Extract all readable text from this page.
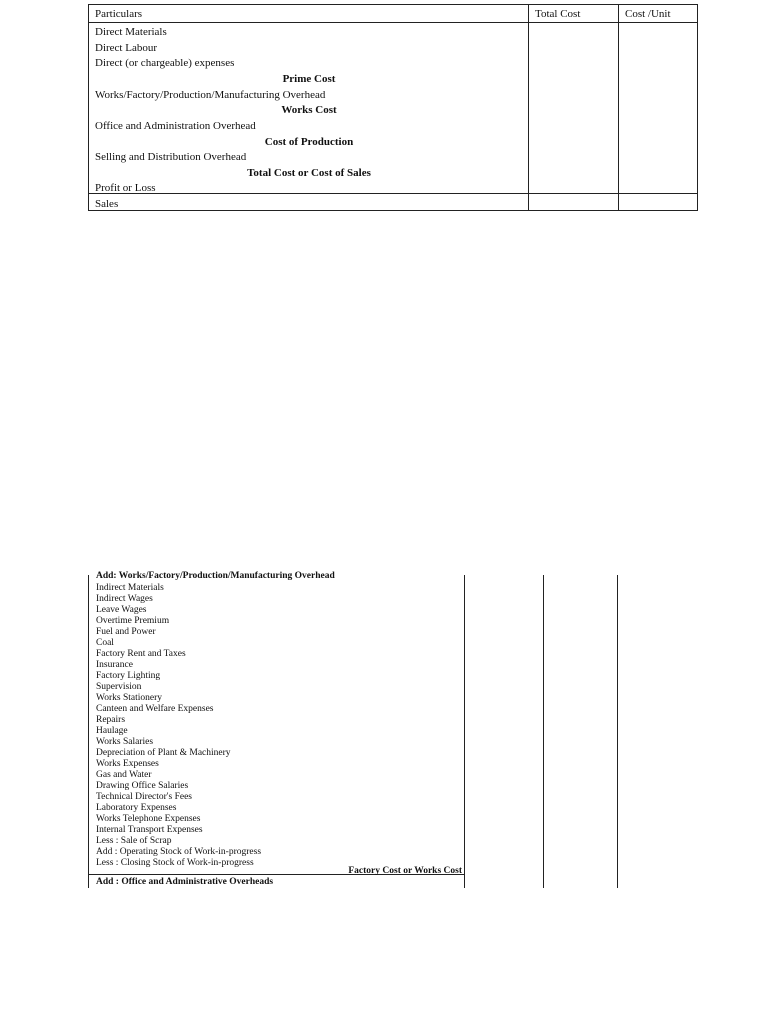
Particulars	Total Cost	Cost /Unit
Direct Materials
Direct Labour
Direct (or chargeable) expenses
Prime Cost
Works/Factory/Production/Manufacturing Overhead
Works Cost
Office and Administration Overhead
Cost of Production
Selling and Distribution Overhead
Total Cost or Cost of Sales
Profit or Loss
Sales
Add: Works/Factory/Production/Manufacturing Overhead
Indirect Materials
Indirect Wages
Leave Wages
Overtime Premium
Fuel and Power
Coal
Factory Rent and Taxes
Insurance
Factory Lighting
Supervision
Works Stationery
Canteen and Welfare Expenses
Repairs
Haulage
Works Salaries
Depreciation of Plant & Machinery
Works Expenses
Gas and Water
Drawing Office Salaries
Technical Director's Fees
Laboratory Expenses
Works Telephone Expenses
Internal Transport Expenses
Less : Sale of Scrap
Add : Operating Stock of Work-in-progress
Less : Closing Stock of Work-in-progress
Factory Cost or Works Cost
Add : Office and Administrative Overheads
